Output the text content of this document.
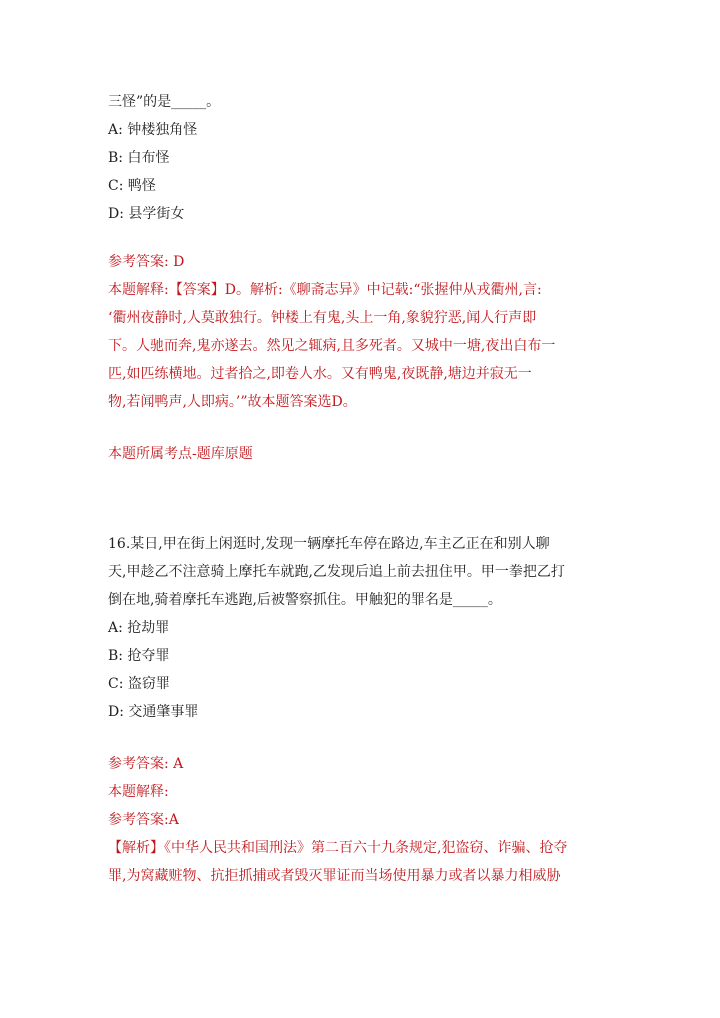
三怪”的是_____。
A: 钟楼独角怪
B: 白布怪
C: 鸭怪
D: 县学街女
参考答案: D
本题解释:【答案】D。解析:《聊斋志异》中记载:“张握仲从戎衢州,言:
‘衢州夜静时,人莫敢独行。钟楼上有鬼,头上一角,象貌狞恶,闻人行声即
下。人驰而奔,鬼亦遂去。然见之辄病,且多死者。又城中一塘,夜出白布一
匹,如匹练横地。过者拾之,即卷人水。又有鸭鬼,夜既静,塘边并寂无一
物,若闻鸭声,人即病。’”故本题答案选D。
本题所属考点-题库原题
16.某日,甲在街上闲逛时,发现一辆摩托车停在路边,车主乙正在和别人聊
天,甲趁乙不注意骑上摩托车就跑,乙发现后追上前去扭住甲。甲一拳把乙打
倒在地,骑着摩托车逃跑,后被警察抓住。甲触犯的罪名是_____。
A: 抢劫罪
B: 抢夺罪
C: 盗窃罪
D: 交通肇事罪
参考答案: A
本题解释:
参考答案:A
【解析】《中华人民共和国刑法》第二百六十九条规定,犯盗窃、诈骗、抢夺
罪,为窝藏赃物、抗拒抓捕或者毁灭罪证而当场使用暴力或者以暴力相威胁
